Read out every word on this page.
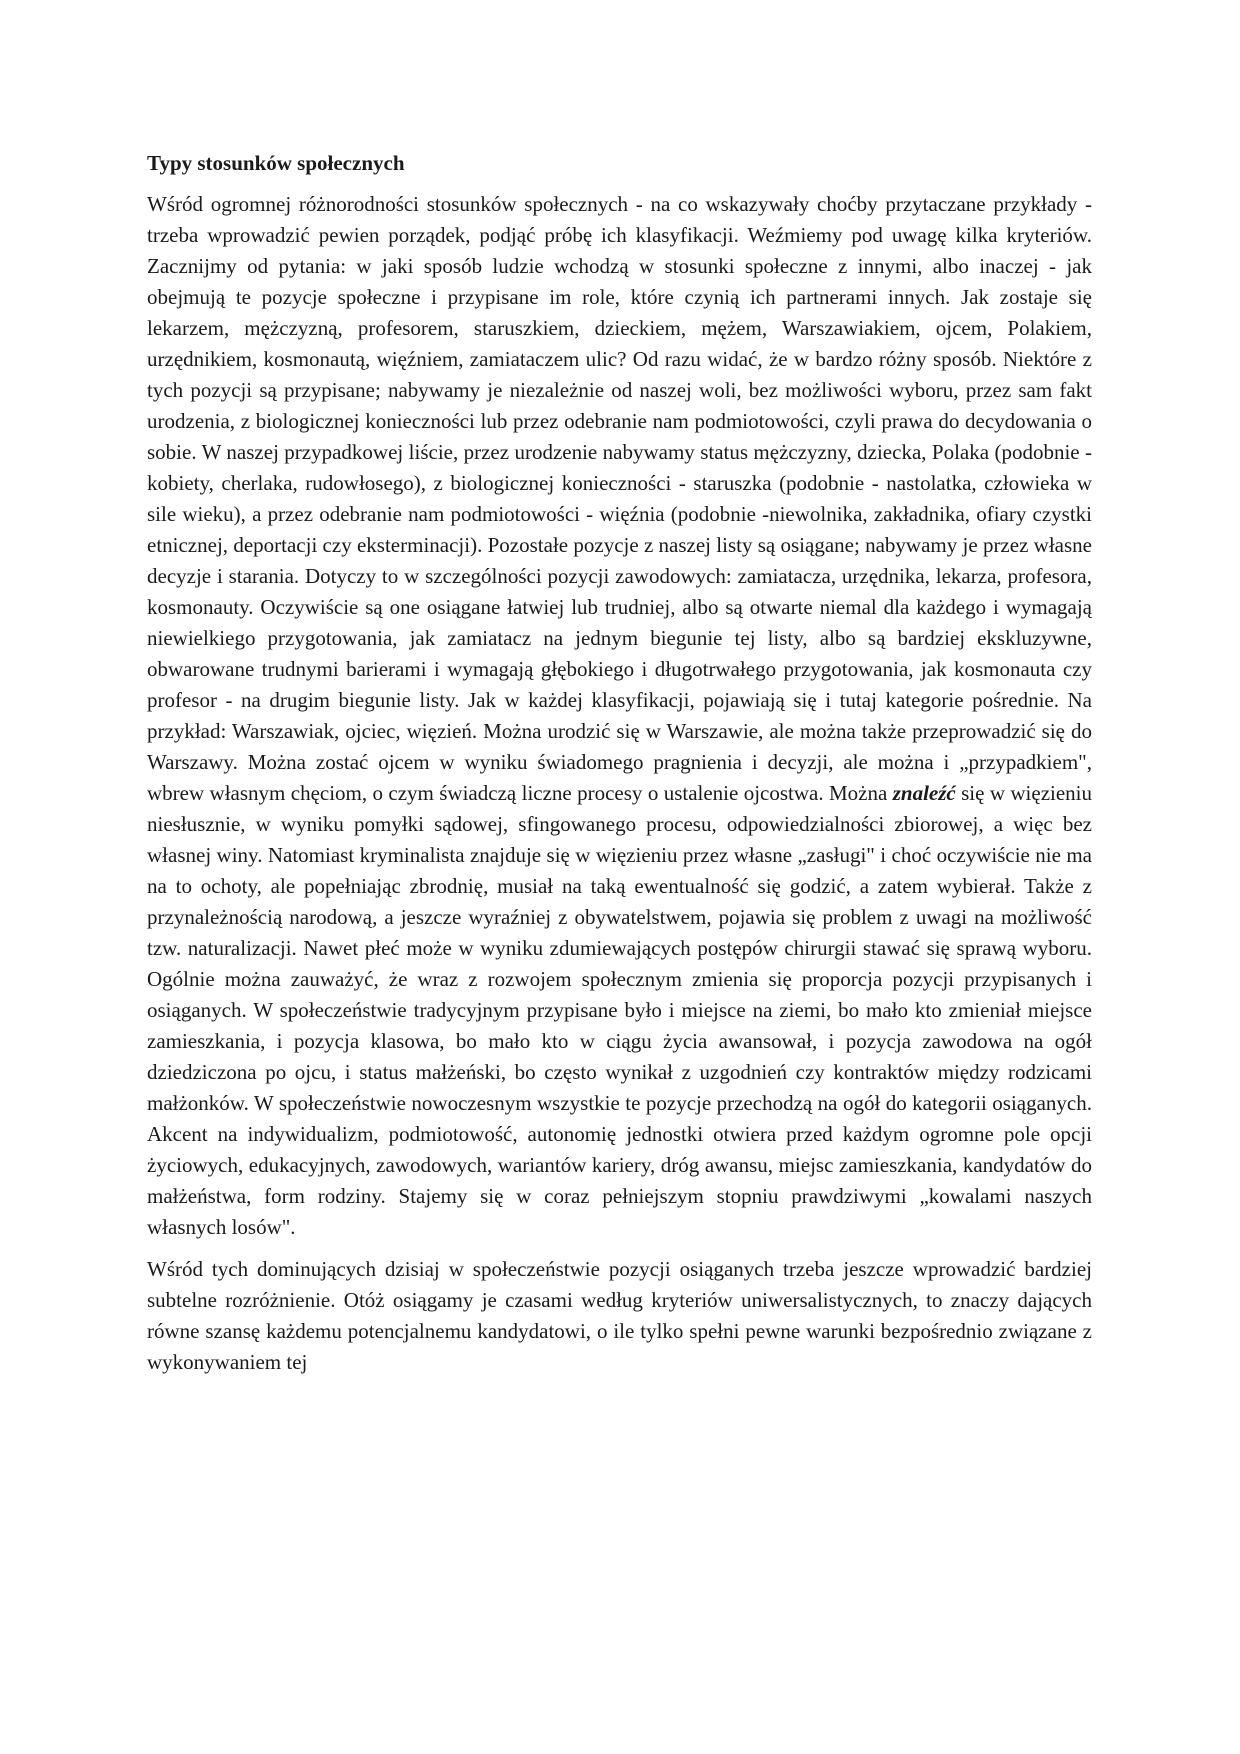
Typy stosunków społecznych

Wśród ogromnej różnorodności stosunków społecznych - na co wskazywały choćby przytaczane przykłady - trzeba wprowadzić pewien porządek, podjąć próbę ich klasyfikacji. Weźmiemy pod uwagę kilka kryteriów. Zacznijmy od pytania: w jaki sposób ludzie wchodzą w stosunki społeczne z innymi, albo inaczej - jak obejmują te pozycje społeczne i przypisane im role, które czynią ich partnerami innych. Jak zostaje się lekarzem, mężczyzną, profesorem, staruszkiem, dzieckiem, mężem, Warszawiakiem, ojcem, Polakiem, urzędnikiem, kosmonautą, więźniem, zamiataczem ulic? Od razu widać, że w bardzo różny sposób. Niektóre z tych pozycji są przypisane; nabywamy je niezależnie od naszej woli, bez możliwości wyboru, przez sam fakt urodzenia, z biologicznej konieczności lub przez odebranie nam podmiotowości, czyli prawa do decydowania o sobie. W naszej przypadkowej liście, przez urodzenie nabywamy status mężczyzny, dziecka, Polaka (podobnie - kobiety, cherlaka, rudowłosego), z biologicznej konieczności - staruszka (podobnie - nastolatka, człowieka w sile wieku), a przez odebranie nam podmiotowości - więźnia (podobnie -niewolnika, zakładnika, ofiary czystki etnicznej, deportacji czy eksterminacji). Pozostałe pozycje z naszej listy są osiągane; nabywamy je przez własne decyzje i starania. Dotyczy to w szczególności pozycji zawodowych: zamiatacza, urzędnika, lekarza, profesora, kosmonauty. Oczywiście są one osiągane łatwiej lub trudniej, albo są otwarte niemal dla każdego i wymagają niewielkiego przygotowania, jak zamiatacz na jednym biegunie tej listy, albo są bardziej ekskluzywne, obwarowane trudnymi barierami i wymagają głębokiego i długotrwałego przygotowania, jak kosmonauta czy profesor - na drugim biegunie listy. Jak w każdej klasyfikacji, pojawiają się i tutaj kategorie pośrednie. Na przykład: Warszawiak, ojciec, więzień. Można urodzić się w Warszawie, ale można także przeprowadzić się do Warszawy. Można zostać ojcem w wyniku świadomego pragnienia i decyzji, ale można i „przypadkiem", wbrew własnym chęciom, o czym świadczą liczne procesy o ustalenie ojcostwa. Można znaleźć się w więzieniu niesłusznie, w wyniku pomyłki sądowej, sfingowanego procesu, odpowiedzialności zbiorowej, a więc bez własnej winy. Natomiast kryminalista znajduje się w więzieniu przez własne „zasługi" i choć oczywiście nie ma na to ochoty, ale popełniając zbrodnię, musiał na taką ewentualność się godzić, a zatem wybierał. Także z przynależnością narodową, a jeszcze wyraźniej z obywatelstwem, pojawia się problem z uwagi na możliwość tzw. naturalizacji. Nawet płeć może w wyniku zdumiewających postępów chirurgii stawać się sprawą wyboru. Ogólnie można zauważyć, że wraz z rozwojem społecznym zmienia się proporcja pozycji przypisanych i osiąganych. W społeczeństwie tradycyjnym przypisane było i miejsce na ziemi, bo mało kto zmieniał miejsce zamieszkania, i pozycja klasowa, bo mało kto w ciągu życia awansował, i pozycja zawodowa na ogół dziedziczona po ojcu, i status małżeński, bo często wynikał z uzgodnień czy kontraktów między rodzicami małżonków. W społeczeństwie nowoczesnym wszystkie te pozycje przechodzą na ogół do kategorii osiąganych. Akcent na indywidualizm, podmiotowość, autonomię jednostki otwiera przed każdym ogromne pole opcji życiowych, edukacyjnych, zawodowych, wariantów kariery, dróg awansu, miejsc zamieszkania, kandydatów do małżeństwa, form rodziny. Stajemy się w coraz pełniejszym stopniu prawdziwymi „kowalami naszych własnych losów".

Wśród tych dominujących dzisiaj w społeczeństwie pozycji osiąganych trzeba jeszcze wprowadzić bardziej subtelne rozróżnienie. Otóż osiągamy je czasami według kryteriów uniwersalistycznych, to znaczy dających równe szansę każdemu potencjalnemu kandydatowi, o ile tylko spełni pewne warunki bezpośrednio związane z wykonywaniem tej
